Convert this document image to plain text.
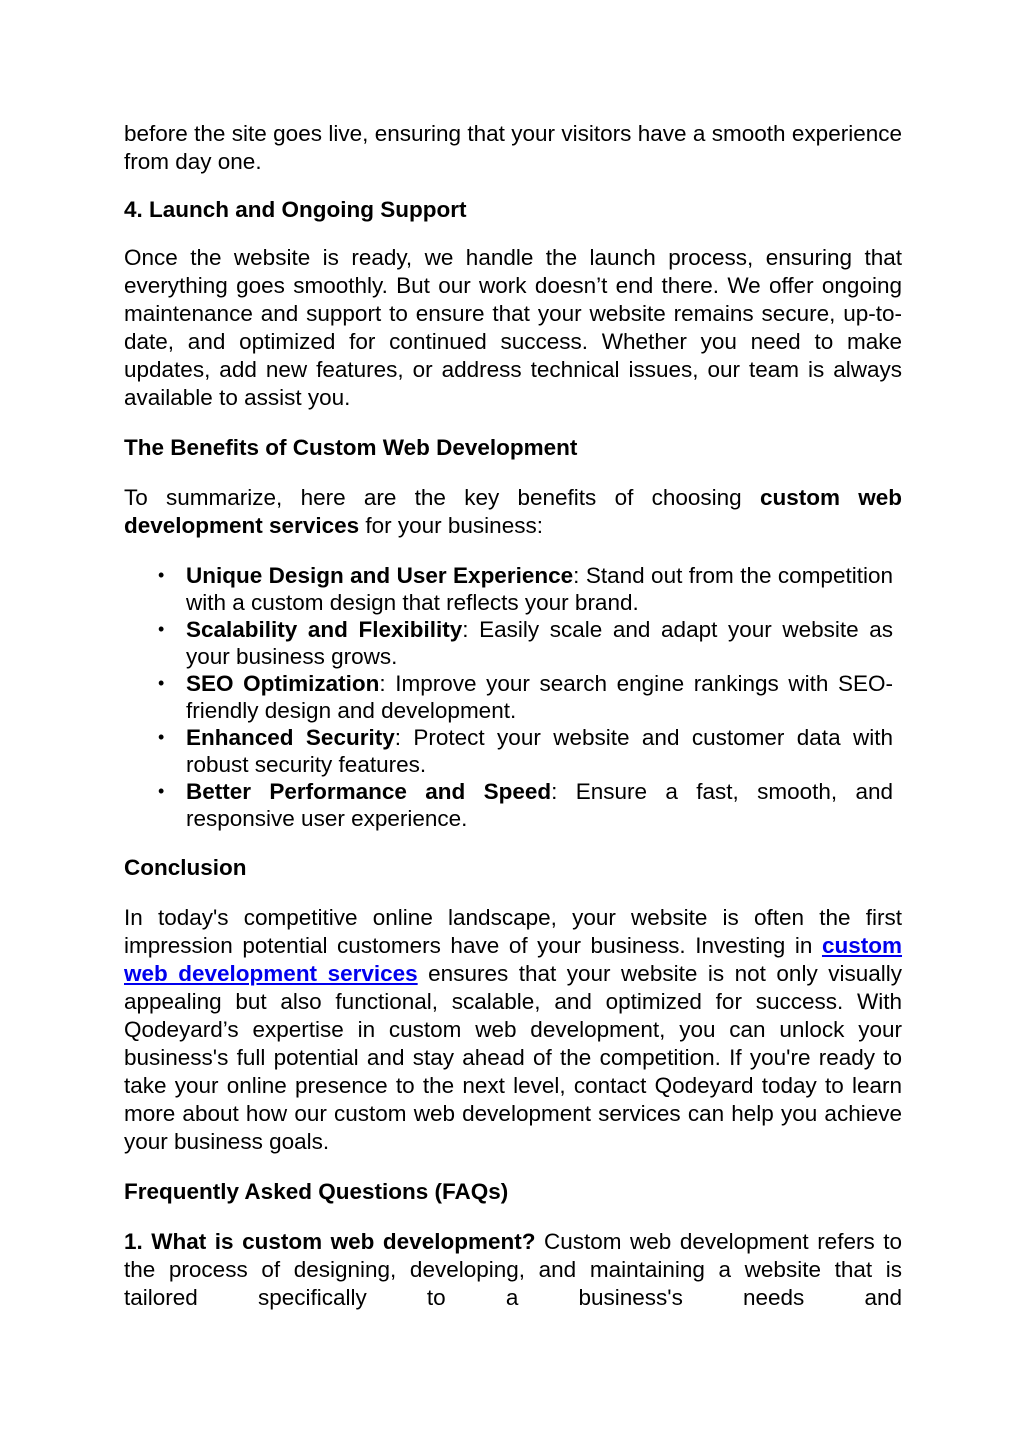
before the site goes live, ensuring that your visitors have a smooth experience from day one.

4. Launch and Ongoing Support

Once the website is ready, we handle the launch process, ensuring that everything goes smoothly. But our work doesn’t end there. We offer ongoing maintenance and support to ensure that your website remains secure, up-to-date, and optimized for continued success. Whether you need to make updates, add new features, or address technical issues, our team is always available to assist you.

The Benefits of Custom Web Development

To summarize, here are the key benefits of choosing custom web development services for your business:

• Unique Design and User Experience: Stand out from the competition with a custom design that reflects your brand.
• Scalability and Flexibility: Easily scale and adapt your website as your business grows.
• SEO Optimization: Improve your search engine rankings with SEO-friendly design and development.
• Enhanced Security: Protect your website and customer data with robust security features.
• Better Performance and Speed: Ensure a fast, smooth, and responsive user experience.
Conclusion

In today's competitive online landscape, your website is often the first impression potential customers have of your business. Investing in custom web development services ensures that your website is not only visually appealing but also functional, scalable, and optimized for success. With Qodeyard’s expertise in custom web development, you can unlock your business's full potential and stay ahead of the competition. If you're ready to take your online presence to the next level, contact Qodeyard today to learn more about how our custom web development services can help you achieve your business goals.

Frequently Asked Questions (FAQs)

1. What is custom web development? Custom web development refers to the process of designing, developing, and maintaining a website that is tailored specifically to a business's needs and
